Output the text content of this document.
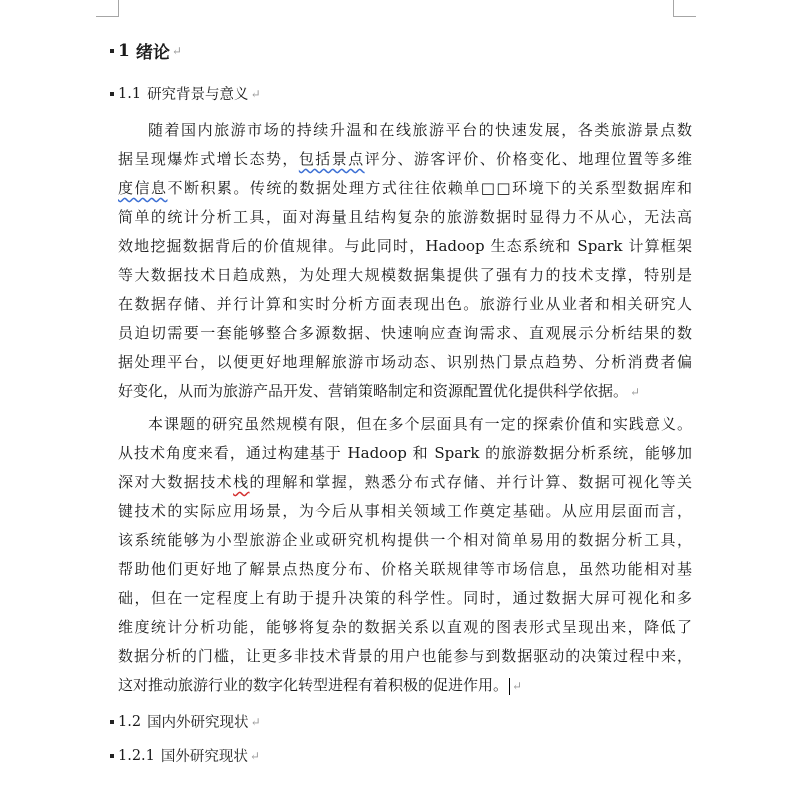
1 绪论 ↵
1.1 研究背景与意义 ↵
随着国内旅游市场的持续升温和在线旅游平台的快速发展，各类旅游景点数
据呈现爆炸式增长态势，包括景点评分、游客评价、价格变化、地理位置等多维
度信息不断积累。传统的数据处理方式往往依赖单□□环境下的关系型数据库和
简单的统计分析工具，面对海量且结构复杂的旅游数据时显得力不从心，无法高
效地挖掘数据背后的价值规律。与此同时，Hadoop 生态系统和 Spark 计算框架
等大数据技术日趋成熟，为处理大规模数据集提供了强有力的技术支撑，特别是
在数据存储、并行计算和实时分析方面表现出色。旅游行业从业者和相关研究人
员迫切需要一套能够整合多源数据、快速响应查询需求、直观展示分析结果的数
据处理平台，以便更好地理解旅游市场动态、识别热门景点趋势、分析消费者偏
好变化，从而为旅游产品开发、营销策略制定和资源配置优化提供科学依据。 ↵
本课题的研究虽然规模有限，但在多个层面具有一定的探索价值和实践意义。
从技术角度来看，通过构建基于 Hadoop 和 Spark 的旅游数据分析系统，能够加
深对大数据技术栈的理解和掌握，熟悉分布式存储、并行计算、数据可视化等关
键技术的实际应用场景，为今后从事相关领域工作奠定基础。从应用层面而言，
该系统能够为小型旅游企业或研究机构提供一个相对简单易用的数据分析工具，
帮助他们更好地了解景点热度分布、价格关联规律等市场信息，虽然功能相对基
础，但在一定程度上有助于提升决策的科学性。同时，通过数据大屏可视化和多
维度统计分析功能，能够将复杂的数据关系以直观的图表形式呈现出来，降低了
数据分析的门槛，让更多非技术背景的用户也能参与到数据驱动的决策过程中来，
这对推动旅游行业的数字化转型进程有着积极的促进作用。 ↵
1.2 国内外研究现状 ↵
1.2.1 国外研究现状 ↵
